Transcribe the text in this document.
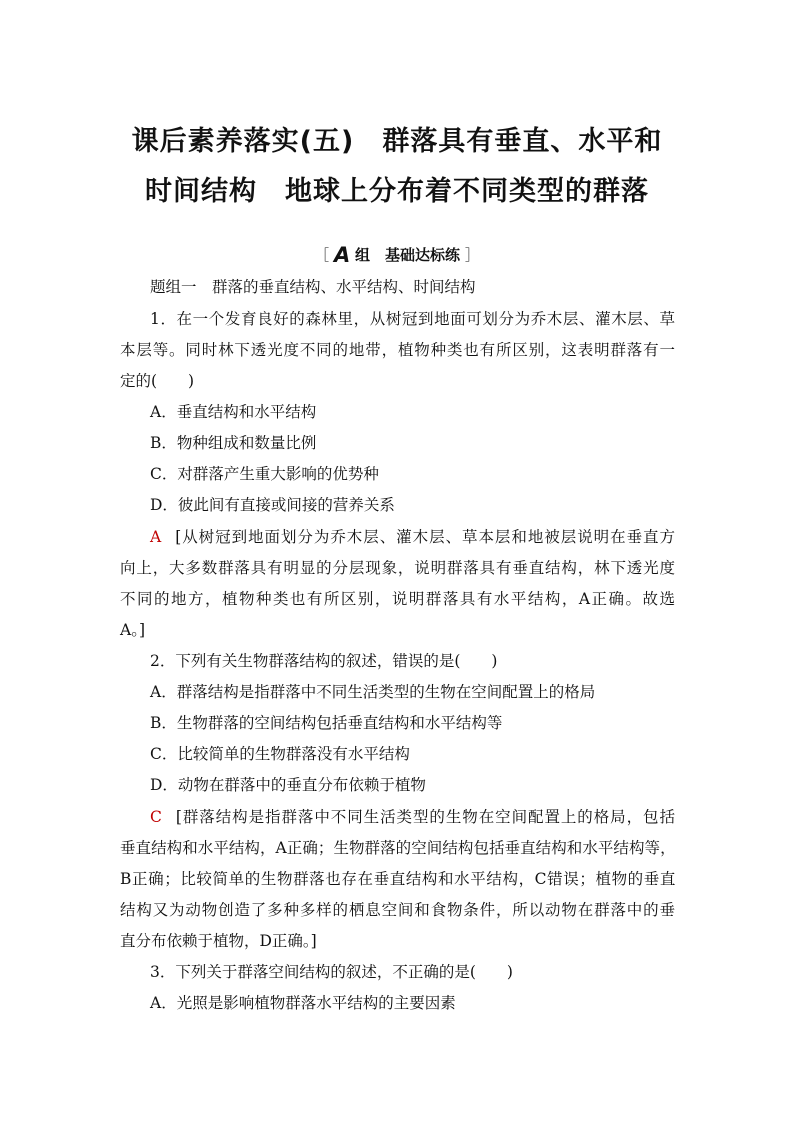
课后素养落实(五)　群落具有垂直、水平和
时间结构　地球上分布着不同类型的群落
［ A 组　基础达标练 ］
题组一　群落的垂直结构、水平结构、时间结构
1．在一个发育良好的森林里，从树冠到地面可划分为乔木层、灌木层、草
本层等。同时林下透光度不同的地带，植物种类也有所区别，这表明群落有一
定的(　　)
A．垂直结构和水平结构
B．物种组成和数量比例
C．对群落产生重大影响的优势种
D．彼此间有直接或间接的营养关系
A [从树冠到地面划分为乔木层、灌木层、草本层和地被层说明在垂直方
向上，大多数群落具有明显的分层现象，说明群落具有垂直结构，林下透光度
不同的地方，植物种类也有所区别，说明群落具有水平结构，A正确。故选
A。]
2．下列有关生物群落结构的叙述，错误的是(　　)
A．群落结构是指群落中不同生活类型的生物在空间配置上的格局
B．生物群落的空间结构包括垂直结构和水平结构等
C．比较简单的生物群落没有水平结构
D．动物在群落中的垂直分布依赖于植物
C [群落结构是指群落中不同生活类型的生物在空间配置上的格局，包括
垂直结构和水平结构，A正确；生物群落的空间结构包括垂直结构和水平结构等，
B正确；比较简单的生物群落也存在垂直结构和水平结构，C错误；植物的垂直
结构又为动物创造了多种多样的栖息空间和食物条件，所以动物在群落中的垂
直分布依赖于植物，D正确。]
3．下列关于群落空间结构的叙述，不正确的是(　　)
A．光照是影响植物群落水平结构的主要因素
